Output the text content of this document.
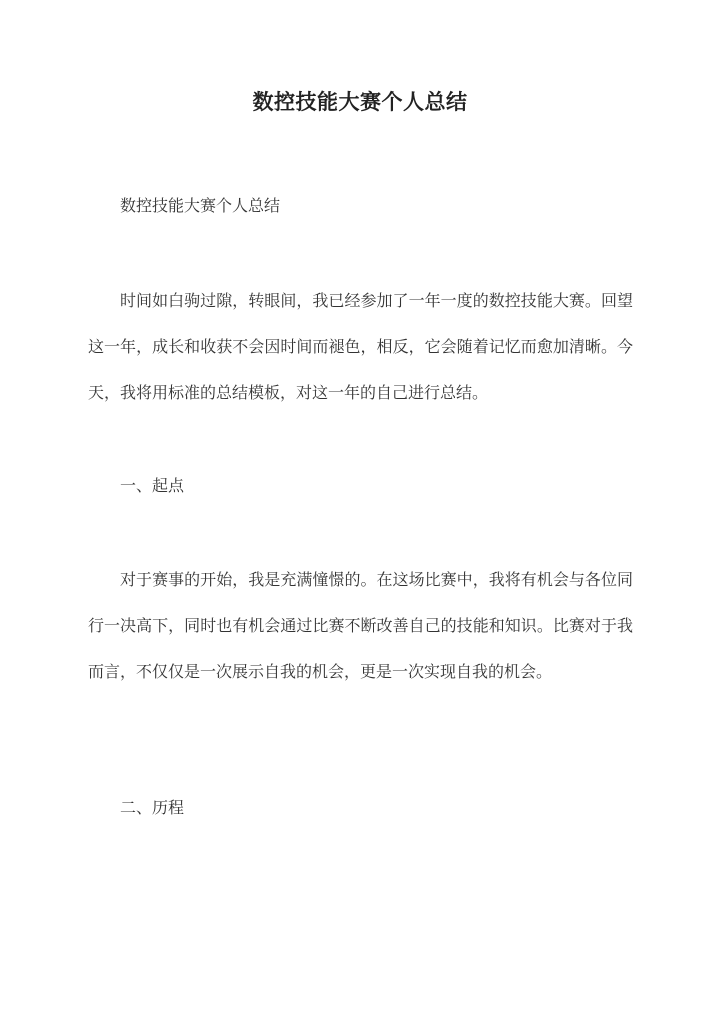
数控技能大赛个人总结

数控技能大赛个人总结

时间如白驹过隙，转眼间，我已经参加了一年一度的数控技能大赛。回望这一年，成长和收获不会因时间而褪色，相反，它会随着记忆而愈加清晰。今天，我将用标准的总结模板，对这一年的自己进行总结。

一、起点

对于赛事的开始，我是充满憧憬的。在这场比赛中，我将有机会与各位同行一决高下，同时也有机会通过比赛不断改善自己的技能和知识。比赛对于我而言，不仅仅是一次展示自我的机会，更是一次实现自我的机会。

二、历程
